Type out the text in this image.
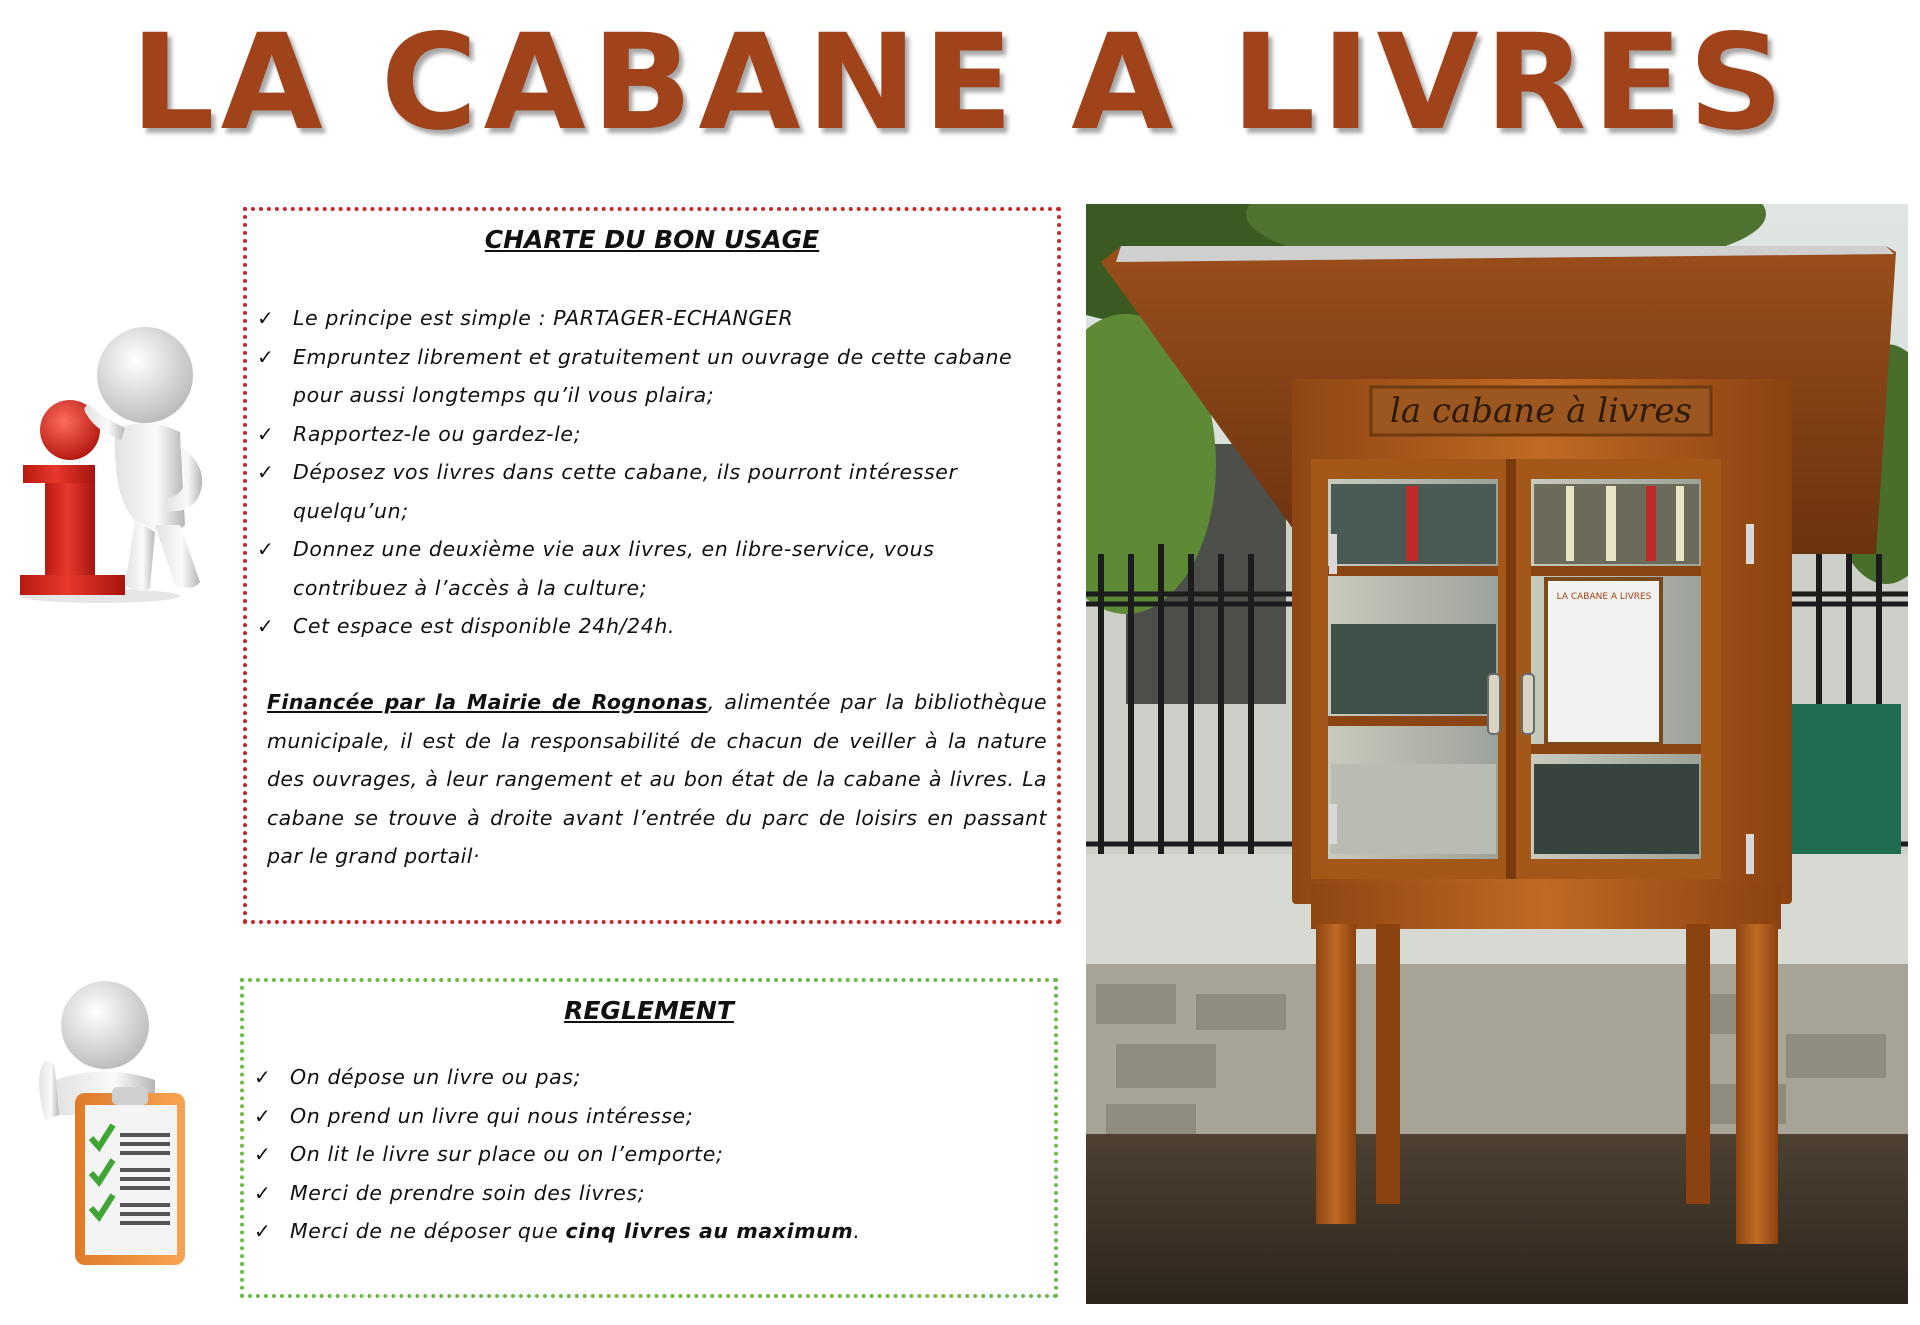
LA CABANE A LIVRES
CHARTE DU BON USAGE
✓ Le principe est simple : PARTAGER-ECHANGER
✓ Empruntez librement et gratuitement un ouvrage de cette cabane pour aussi longtemps qu’il vous plaira;
✓ Rapportez-le ou gardez-le;
✓ Déposez vos livres dans cette cabane, ils pourront intéresser quelqu’un;
✓ Donnez une deuxième vie aux livres, en libre-service, vous contribuez à l’accès à la culture;
✓ Cet espace est disponible 24h/24h.
Financée par la Mairie de Rognonas, alimentée par la bibliothèque municipale, il est de la responsabilité de chacun de veiller à la nature des ouvrages, à leur rangement et au bon état de la cabane à livres. La cabane se trouve à droite avant l’entrée du parc de loisirs en passant par le grand portail·
REGLEMENT
✓ On dépose un livre ou pas;
✓ On prend un livre qui nous intéresse;
✓ On lit le livre sur place ou on l’emporte;
✓ Merci de prendre soin des livres;
✓ Merci de ne déposer que cinq livres au maximum.
la cabane à livres
LA CABANE A LIVRES
